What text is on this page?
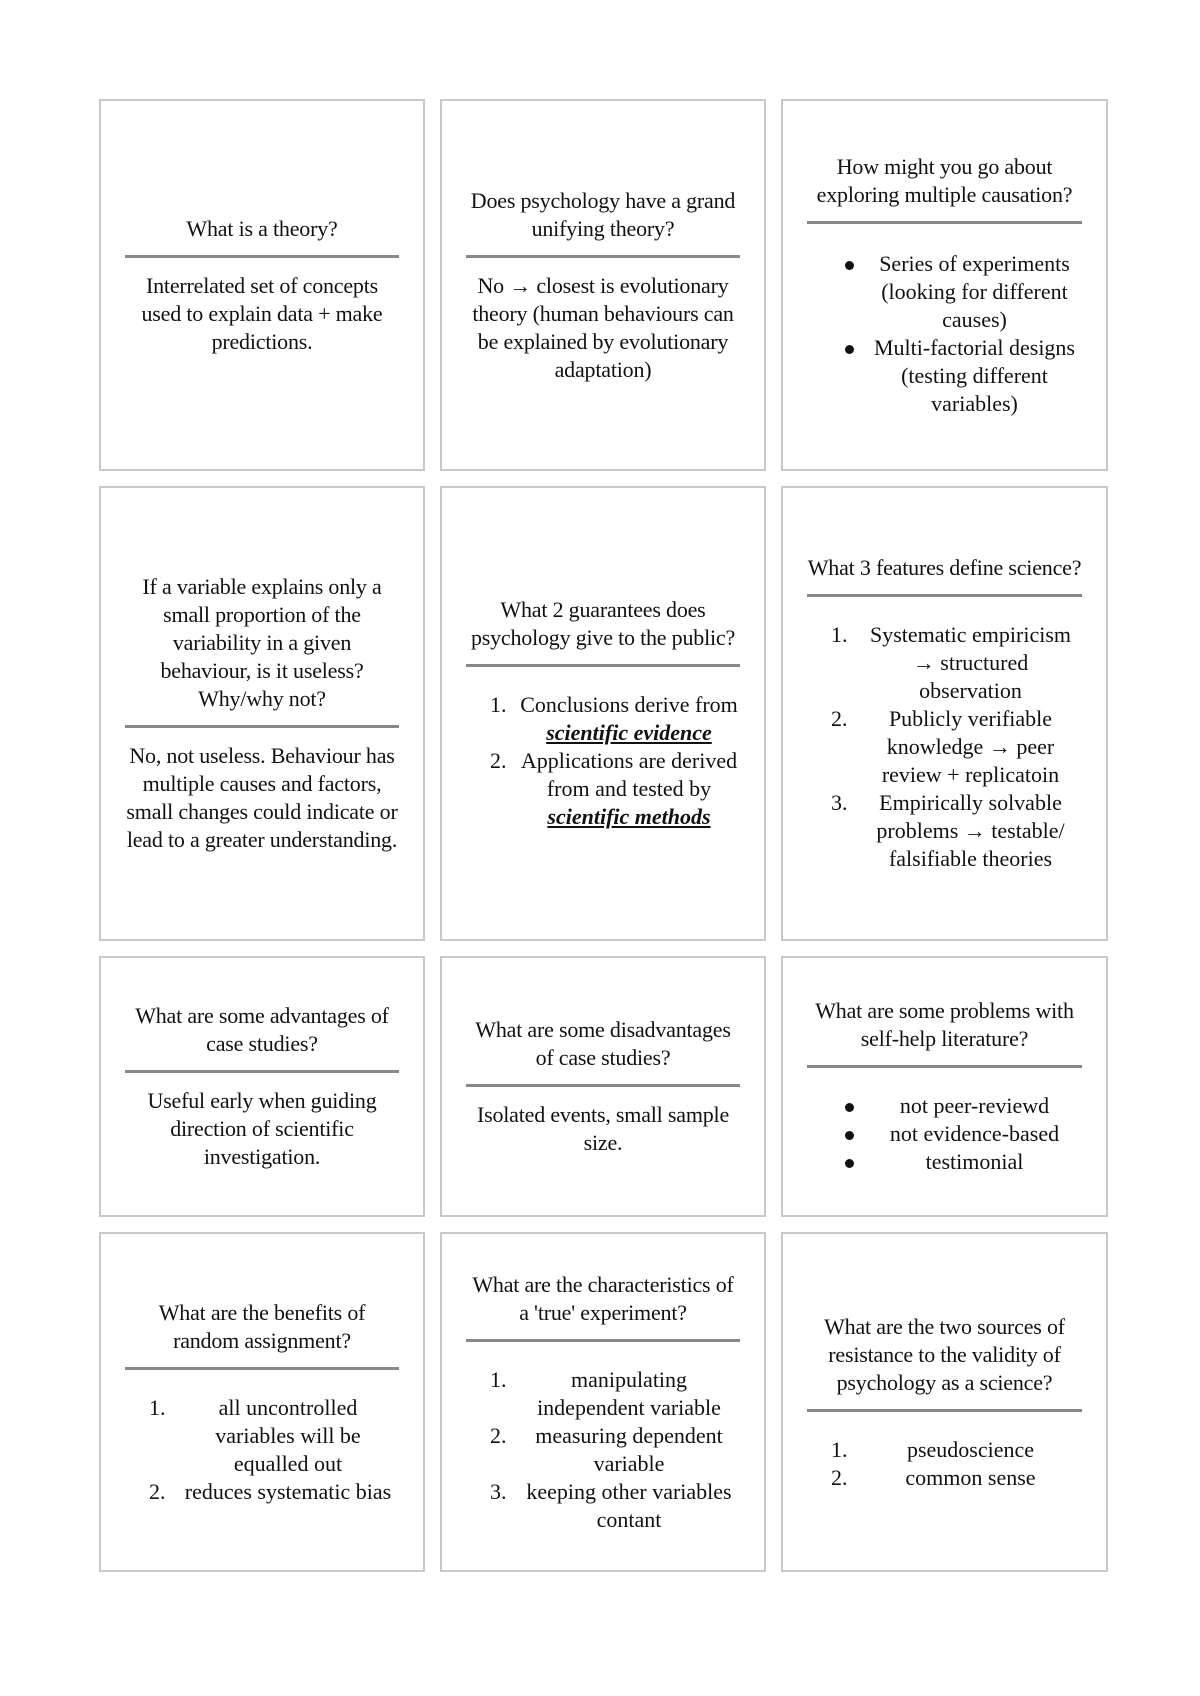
What is a theory?
Interrelated set of concepts used to explain data + make predictions.
Does psychology have a grand unifying theory?
No → closest is evolutionary theory (human behaviours can be explained by evolutionary adaptation)
How might you go about exploring multiple causation?
Series of experiments (looking for different causes)
Multi-factorial designs (testing different variables)
If a variable explains only a small proportion of the variability in a given behaviour, is it useless? Why/why not?
No, not useless. Behaviour has multiple causes and factors, small changes could indicate or lead to a greater understanding.
What 2 guarantees does psychology give to the public?
1. Conclusions derive from scientific evidence
2. Applications are derived from and tested by scientific methods
What 3 features define science?
1. Systematic empiricism → structured observation
2. Publicly verifiable knowledge → peer review + replicatoin
3. Empirically solvable problems → testable/ falsifiable theories
What are some advantages of case studies?
Useful early when guiding direction of scientific investigation.
What are some disadvantages of case studies?
Isolated events, small sample size.
What are some problems with self-help literature?
not peer-reviewd
not evidence-based
testimonial
What are the benefits of random assignment?
1. all uncontrolled variables will be equalled out
2. reduces systematic bias
What are the characteristics of a 'true' experiment?
1.	manipulating independent variable
2. measuring dependent variable
3. keeping other variables contant
What are the two sources of resistance to the validity of psychology as a science?
1.	pseudoscience
2.	common sense
